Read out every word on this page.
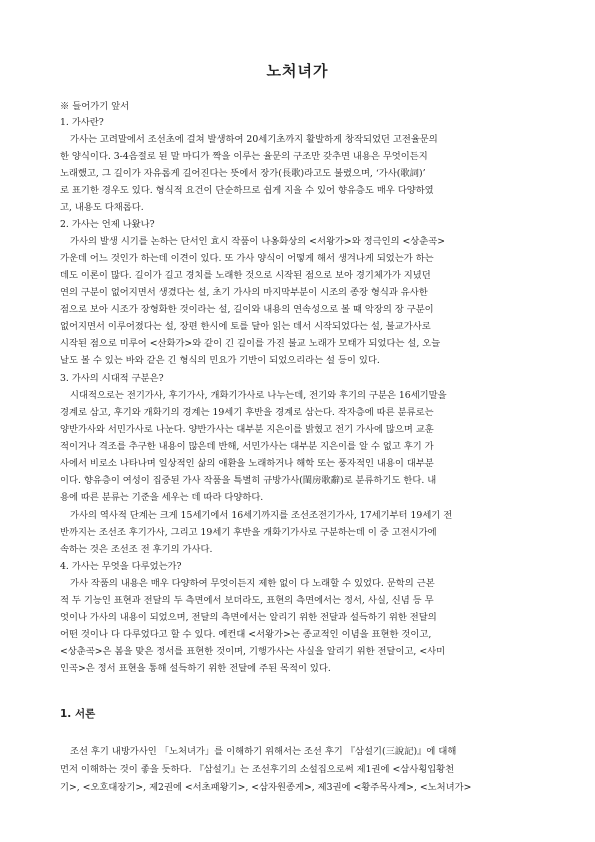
노처녀가
※ 들어가기 앞서
1. 가사란?
가사는 고려말에서 조선초에 걸쳐 발생하여 20세기초까지 활발하게 창작되었던 고전율문의
한 양식이다. 3-4음절로 된 말 마디가 짝을 이루는 율문의 구조만 갖추면 내용은 무엇이든지
노래했고, 그 길이가 자유롭게 길어진다는 뜻에서 장가(長歌)라고도 불렸으며, ‘가사(歌詞)’
로 표기한 경우도 있다. 형식적 요건이 단순하므로 쉽게 지을 수 있어 향유층도 매우 다양하였
고, 내용도 다채롭다.
2. 가사는 언제 나왔나?
가사의 발생 시기를 논하는 단서인 효시 작품이 나옹화상의 <서왕가>와 정극인의 <상춘곡>
가운데 어느 것인가 하는데 이견이 있다. 또 가사 양식이 어떻게 해서 생겨나게 되었는가 하는
데도 이론이 많다. 길이가 길고 경치를 노래한 것으로 시작된 점으로 보아 경기체가가 지녔던
연의 구분이 없어지면서 생겼다는 설, 초기 가사의 마지막부분이 시조의 종장 형식과 유사한
점으로 보아 시조가 장형화한 것이라는 설, 길이와 내용의 연속성으로 볼 때 악장의 장 구분이
없어지면서 이루어졌다는 설, 장편 한시에 토를 달아 읽는 데서 시작되었다는 설, 불교가사로
시작된 점으로 미루어 <산화가>와 같이 긴 길이를 가진 불교 노래가 모태가 되었다는 설, 오늘
날도 볼 수 있는 바와 같은 긴 형식의 민요가 기반이 되었으리라는 설 등이 있다.
3. 가사의 시대적 구분은?
시대적으로는 전기가사, 후기가사, 개화기가사로 나누는데, 전기와 후기의 구분은 16세기말을
경계로 삼고, 후기와 개화기의 경계는 19세기 후반을 경계로 삼는다. 작자층에 따른 분류로는
양반가사와 서민가사로 나눈다. 양반가사는 대부분 지은이를 밝혔고 전기 가사에 많으며 교훈
적이거나 격조를 추구한 내용이 많은데 반해, 서민가사는 대부분 지은이를 알 수 없고 후기 가
사에서 비로소 나타나며 일상적인 삶의 애환을 노래하거나 해학 또는 풍자적인 내용이 대부분
이다. 향유층이 여성이 집중된 가사 작품을 특별히 규방가사(閨房歌辭)로 분류하기도 한다. 내
용에 따른 분류는 기준을 세우는 데 따라 다양하다.
가사의 역사적 단계는 크게 15세기에서 16세기까지를 조선조전기가사, 17세기부터 19세기 전
반까지는 조선조 후기가사, 그리고 19세기 후반을 개화기가사로 구분하는데 이 중 고전시가에
속하는 것은 조선조 전 후기의 가사다.
4. 가사는 무엇을 다루었는가?
가사 작품의 내용은 매우 다양하여 무엇이든지 제한 없이 다 노래할 수 있었다. 문학의 근본
적 두 기능인 표현과 전달의 두 측면에서 보더라도, 표현의 측면에서는 정서, 사실, 신념 등 무
엇이나 가사의 내용이 되었으며, 전달의 측면에서는 알리기 위한 전달과 설득하기 위한 전달의
어떤 것이나 다 다루었다고 할 수 있다. 예컨대 <서왕가>는 종교적인 이념을 표현한 것이고,
<상춘곡>은 봄을 맞은 정서를 표현한 것이며, 기행가사는 사실을 알리기 위한 전달이고, <사미
인곡>은 정서 표현을 통해 설득하기 위한 전달에 주된 목적이 있다.
1. 서론
조선 후기 내방가사인 「노처녀가」를 이해하기 위해서는 조선 후기 『삼설기(三說記)』에 대해
먼저 이해하는 것이 좋을 듯하다. 『삼설기』는 조선후기의 소설집으로써 제1권에 <삼사횡입황천
기>, <오호대장기>, 제2권에 <서초패왕기>, <삼자원종게>, 제3권에 <황주목사계>, <노처녀가>
